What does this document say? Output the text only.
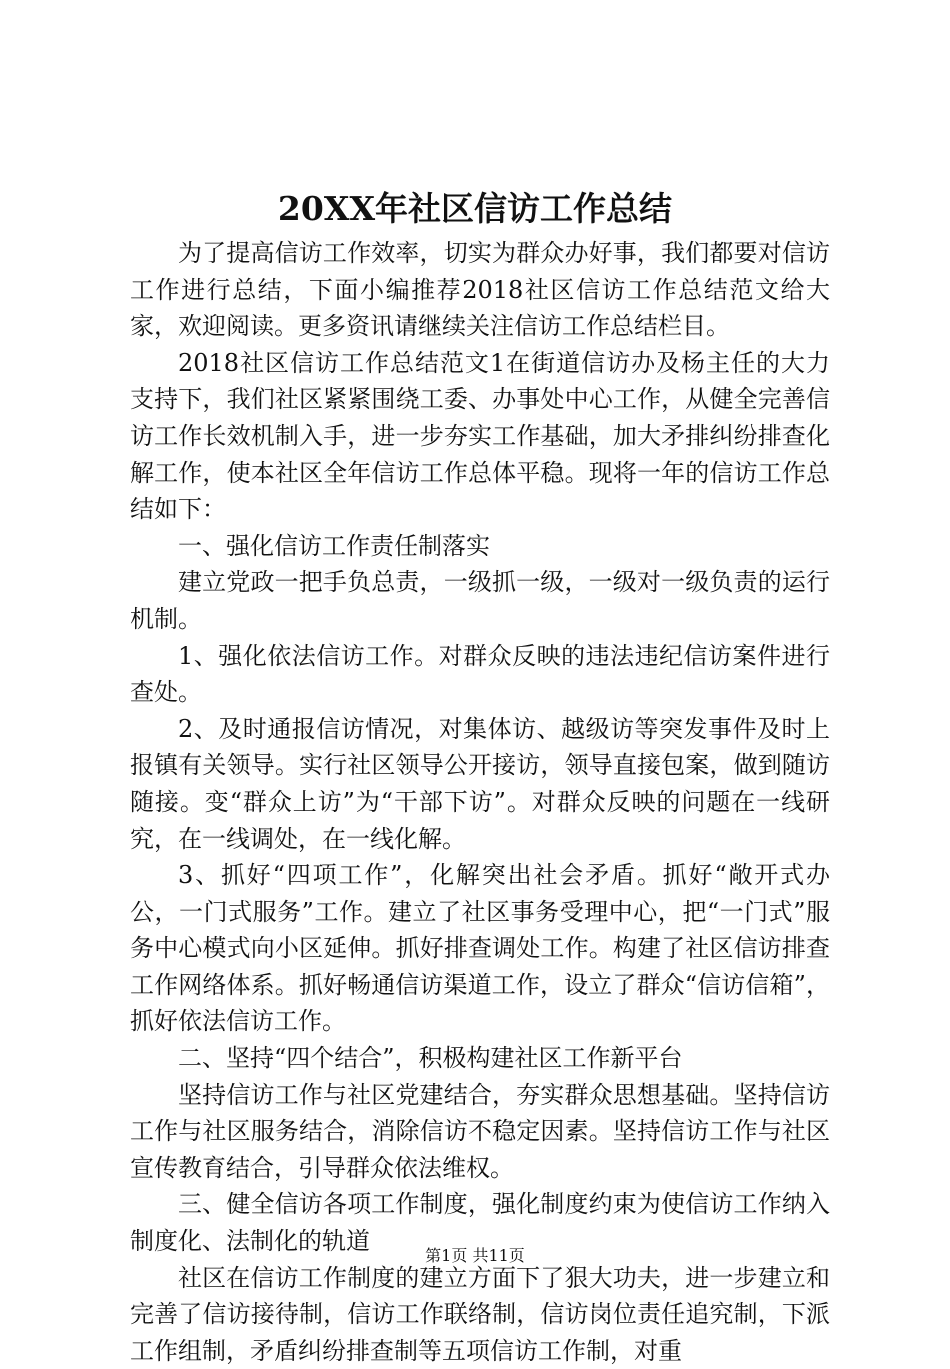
20XX年社区信访工作总结

为了提高信访工作效率，切实为群众办好事，我们都要对信访工作进行总结，下面小编推荐2018社区信访工作总结范文给大家，欢迎阅读。更多资讯请继续关注信访工作总结栏目。

2018社区信访工作总结范文1在街道信访办及杨主任的大力支持下，我们社区紧紧围绕工委、办事处中心工作，从健全完善信访工作长效机制入手，进一步夯实工作基础，加大矛排纠纷排查化解工作，使本社区全年信访工作总体平稳。现将一年的信访工作总结如下：

一、强化信访工作责任制落实

建立党政一把手负总责，一级抓一级，一级对一级负责的运行机制。

1、强化依法信访工作。对群众反映的违法违纪信访案件进行查处。

2、及时通报信访情况，对集体访、越级访等突发事件及时上报镇有关领导。实行社区领导公开接访，领导直接包案，做到随访随接。变“群众上访”为“干部下访”。对群众反映的问题在一线研究，在一线调处，在一线化解。

3、抓好“四项工作”，化解突出社会矛盾。抓好“敞开式办公，一门式服务”工作。建立了社区事务受理中心，把“一门式”服务中心模式向小区延伸。抓好排查调处工作。构建了社区信访排查工作网络体系。抓好畅通信访渠道工作，设立了群众“信访信箱”，抓好依法信访工作。

二、坚持“四个结合”，积极构建社区工作新平台

坚持信访工作与社区党建结合，夯实群众思想基础。坚持信访工作与社区服务结合，消除信访不稳定因素。坚持信访工作与社区宣传教育结合，引导群众依法维权。

三、健全信访各项工作制度，强化制度约束为使信访工作纳入制度化、法制化的轨道

社区在信访工作制度的建立方面下了狠大功夫，进一步建立和完善了信访接待制，信访工作联络制，信访岗位责任追究制，下派工作组制，矛盾纠纷排查制等五项信访工作制，对重

第1页 共11页
